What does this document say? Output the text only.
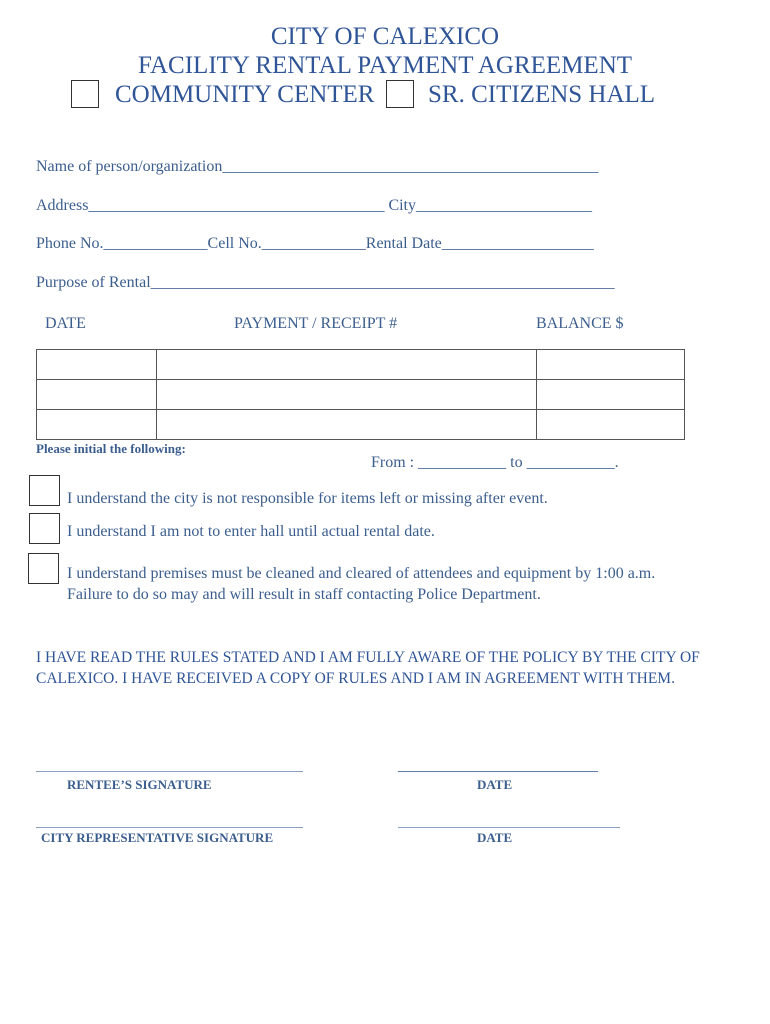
CITY OF CALEXICO
FACILITY RENTAL PAYMENT AGREEMENT
COMMUNITY CENTER SR. CITIZENS HALL
Name of person/organization_______________________________________________
Address_____________________________________ City______________________
Phone No._____________Cell No._____________Rental Date___________________
Purpose of Rental__________________________________________________________
DATE	PAYMENT / RECEIPT #	BALANCE $

Please initial the following:
From : ___________ to ___________.
I understand the city is not responsible for items left or missing after event.
I understand I am not to enter hall until actual rental date.
I understand premises must be cleaned and cleared of attendees and equipment by 1:00 a.m.
Failure to do so may and will result in staff contacting Police Department.
I HAVE READ THE RULES STATED AND I AM FULLY AWARE OF THE POLICY BY THE CITY OF CALEXICO. I HAVE RECEIVED A COPY OF RULES AND I AM IN AGREEMENT WITH THEM.
RENTEE’S SIGNATURE
_________________________
DATE
CITY REPRESENTATIVE SIGNATURE	DATE
